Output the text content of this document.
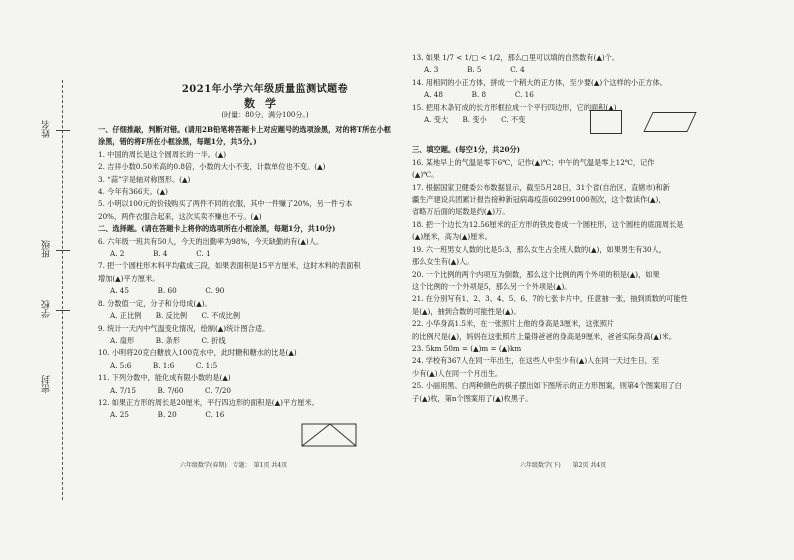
姓名
班级
学校
密封
2021年小学六年级质量监测试题卷
数学
(时量：80分，满分100分。)
一、仔细推敲，判断对错。(请用2B铅笔将答题卡上对应题号的选项涂黑，对的将T所在小框涂黑，错的将F所在小框涂黑，每题1分，共5分。)
1. 中国的周长是这个圆周长的一半。(▲)
2. 吉祥小数0.50米高的0.8倍，小数的大小不变，计数单位也不变。(▲)
3. “蒜”字是轴对称图形。(▲)
4. 今年有366天。(▲)
5. 小明以100元的价钱购买了两件不同的衣服，其中一件赚了20%，另一件亏本
20%，两件衣服合起来，这次买卖不赚也不亏。(▲)
二、选择题。(请在答题卡上将你的选项所在小框涂黑，每题1分，共10分)
6. 六年级一班共有50人，今天的出勤率为98%，今天缺勤的有(▲)人。
A. 2　　　　B. 4　　　　C. 1
7. 把一个圆柱形木料平均截成三段，如果表面积是15平方厘米，这时木料的表面积
增加(▲)平方厘米。
A. 45　　　　B. 60　　　　C. 90
8. 分数值一定，分子和分母成(▲)。
A. 正比例　　B. 反比例　　C. 不成比例
9. 统计一天内中气温变化情况，绘制(▲)统计图合适。
A. 扇形　　　B. 条形　　　C. 折线
10. 小明将20克白糖放入100克水中，此时糖和糖水的比是(▲)
A. 5:6　　　B. 1:6　　　C. 1:5
11. 下列分数中，能化成有限小数的是(▲)
A. 7/15　　　B. 7/60　　　C. 7/20
12. 如果正方形的周长是20厘米，平行四边形的面积是(▲)平方厘米。
A. 25　　　　B. 20　　　　C. 16
13. 如果 1/7 < 1/□ < 1/2，那么□里可以填的自然数有(▲)个。
A. 3　　　　B. 5　　　　C. 4
14. 用相同的小正方体，拼成一个稍大的正方体，至少要(▲)个这样的小正方体。
A. 48　　　　B. 8　　　　C. 16
15. 把用木条钉成的长方形框拉成一个平行四边形，它的面积(▲)
A. 变大　　B. 变小　　C. 不变
三、填空题。(每空1分，共20分)
16. 某地早上的气温是零下6℃，记作(▲)℃；中午的气温是零上12℃，记作
(▲)℃。
17. 根据国家卫健委公布数据显示，截至5月28日，31个省(自治区、直辖市)和新
疆生产建设兵团累计报告接种新冠病毒疫苗602991000剂次，这个数读作(▲)，
省略万后面的尾数是约(▲)万。
18. 把一个边长为12.56厘米的正方形的铁皮卷成一个圆柱形，这个圆柱的底面周长是
(▲)厘米，高为(▲)厘米。
19. 六一班男女人数的比是5:3，那么女生占全班人数的(▲)，如果男生有30人，
那么女生有(▲)人。
20. 一个比例的两个内项互为倒数，那么这个比例的两个外项的积是(▲)，如果
这个比例的一个外项是5，那么另一个外项是(▲)。
21. 在分别写有1、2、3、4、5、6、7的七张卡片中，任意抽一张，抽到质数的可能性
是(▲)，抽到合数的可能性是(▲)。
22. 小华身高1.5米，在一张照片上他的身高是3厘米，这张照片
的比例尺是(▲)，妈妈在这张照片上量得爸爸的身高是9厘米，爸爸实际身高(▲)米。
23. 5km 50m = (▲)m = (▲)km
24. 学校有367人在同一年出生，在这些人中至少有(▲)人在同一天过生日，至
少有(▲)人在同一个月出生。
25. 小丽用黑、白两种颜色的棋子摆出如下图所示的正方形图案，则第4个图案用了白
子(▲)枚，第n个图案用了(▲)枚黑子。
六年级数学(春期)　专题：　第1页 共4页	六年级数学(下)　　第2页 共4页
